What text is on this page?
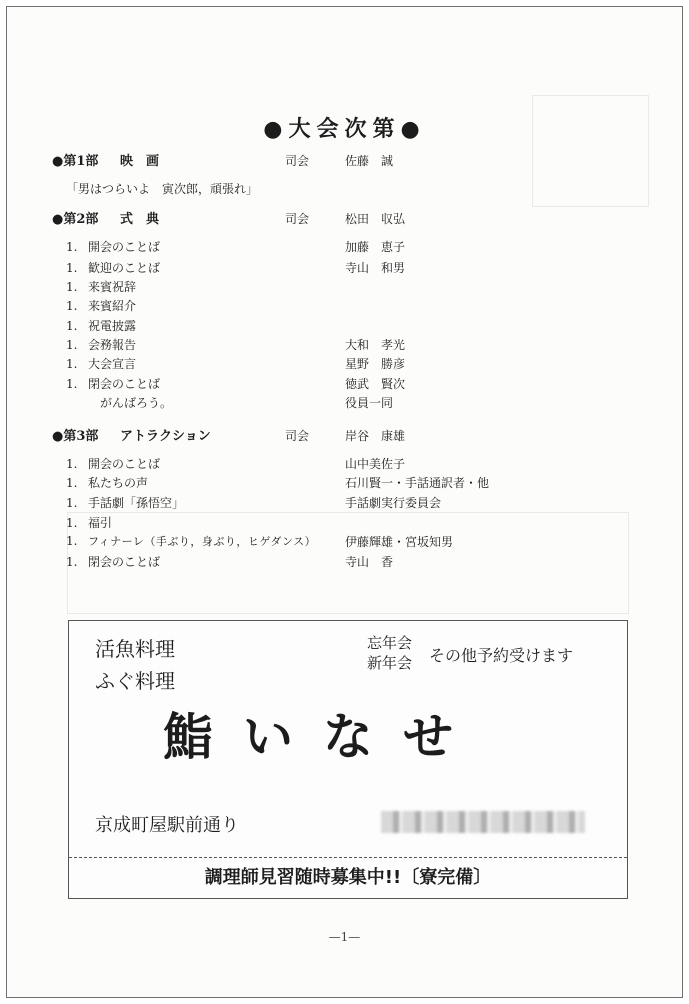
●大会次第●
●第1部 映　画	司会	佐藤　誠
「男はつらいよ　寅次郎，頑張れ」
●第2部 式　典	司会	松田　収弘
1. 開会のことば	加藤　恵子
1. 歓迎のことば	寺山　和男
1. 来賓祝辞
1. 来賓紹介
1. 祝電披露
1. 会務報告	大和　孝光
1. 大会宣言	星野　勝彦
1. 閉会のことば	徳武　賢次
がんばろう。	役員一同
●第3部 アトラクション	司会	岸谷　康雄
1. 開会のことば	山中美佐子
1. 私たちの声	石川賢一・手話通訳者・他
1. 手話劇「孫悟空」	手話劇実行委員会
1. 福引
1. フィナーレ（手ぶり，身ぶり，ヒゲダンス） 伊藤輝雄・宮坂知男
1. 閉会のことば	寺山　香
活魚料理
ふぐ料理
忘年会
新年会 その他予約受けます
鮨いなせ
京成町屋駅前通り
調理師見習随時募集中!!〔寮完備〕
—1—
